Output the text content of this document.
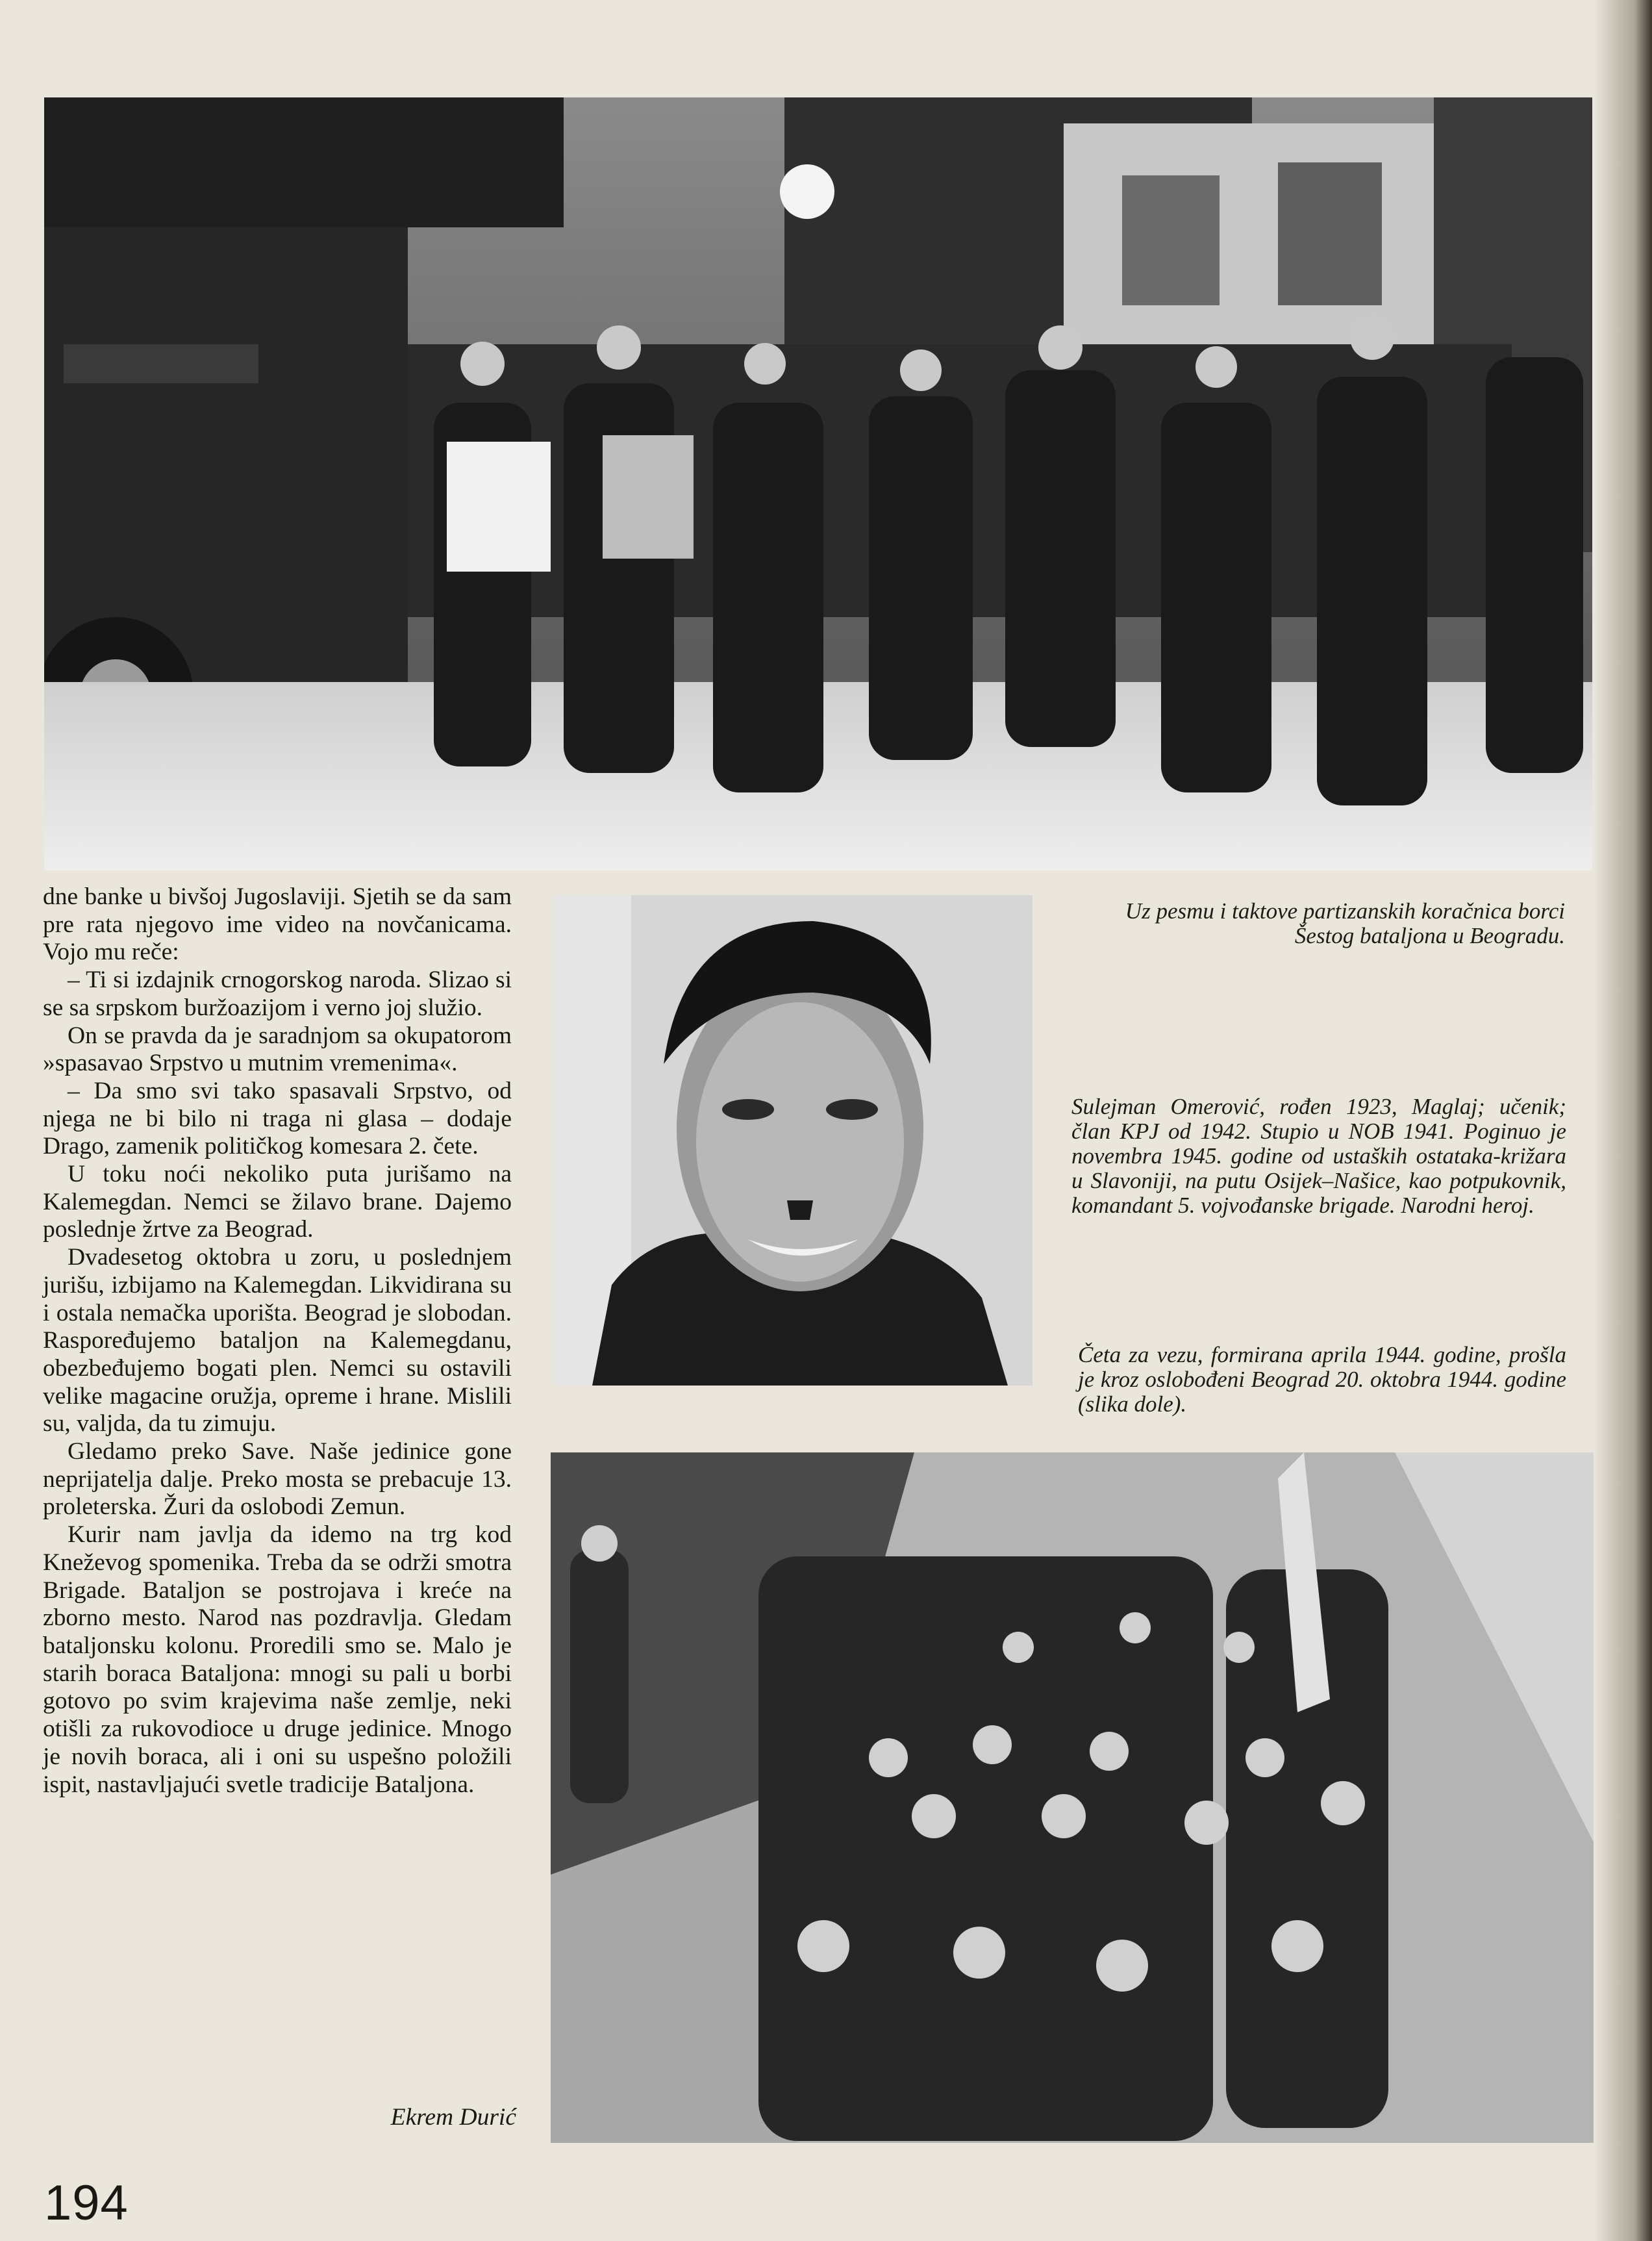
dne banke u bivšoj Jugoslaviji. Sjetih se da sam pre rata njegovo ime video na novčanicama. Vojo mu reče:

– Ti si izdajnik crnogorskog naroda. Slizao si se sa srpskom buržoazijom i verno joj služio.

On se pravda da je saradnjom sa okupatorom »spasavao Srpstvo u mutnim vremenima«.

– Da smo svi tako spasavali Srpstvo, od njega ne bi bilo ni traga ni glasa – dodaje Drago, zamenik političkog komesara 2. čete.

U toku noći nekoliko puta jurišamo na Kalemegdan. Nemci se žilavo brane. Dajemo poslednje žrtve za Beograd.

Dvadesetog oktobra u zoru, u poslednjem jurišu, izbijamo na Kalemegdan. Likvidirana su i ostala nemačka uporišta. Beograd je slobodan. Raspoređujemo bataljon na Kalemegdanu, obezbeđujemo bogati plen. Nemci su ostavili velike magacine oružja, opreme i hrane. Mislili su, valjda, da tu zimuju.

Gledamo preko Save. Naše jedinice gone neprijatelja dalje. Preko mosta se prebacuje 13. proleterska. Žuri da oslobodi Zemun.

Kurir nam javlja da idemo na trg kod Kneževog spomenika. Treba da se održi smotra Brigade. Bataljon se postrojava i kreće na zborno mesto. Narod nas pozdravlja. Gledam bataljonsku kolonu. Proredili smo se. Malo je starih boraca Bataljona: mnogi su pali u borbi gotovo po svim krajevima naše zemlje, neki otišli za rukovodioce u druge jedinice. Mnogo je novih boraca, ali i oni su uspešno položili ispit, nastavljajući svetle tradicije Bataljona.

Ekrem Durić
Uz pesmu i taktove partizanskih koračnica borci Šestog bataljona u Beogradu.
Sulejman Omerović, rođen 1923, Maglaj; učenik; član KPJ od 1942. Stupio u NOB 1941. Poginuo je novembra 1945. godine od ustaških ostataka-križara u Slavoniji, na putu Osijek–Našice, kao potpukovnik, komandant 5. vojvođanske brigade. Narodni heroj.
Četa za vezu, formirana aprila 1944. godine, prošla je kroz oslobođeni Beograd 20. oktobra 1944. godine (slika dole).
194
